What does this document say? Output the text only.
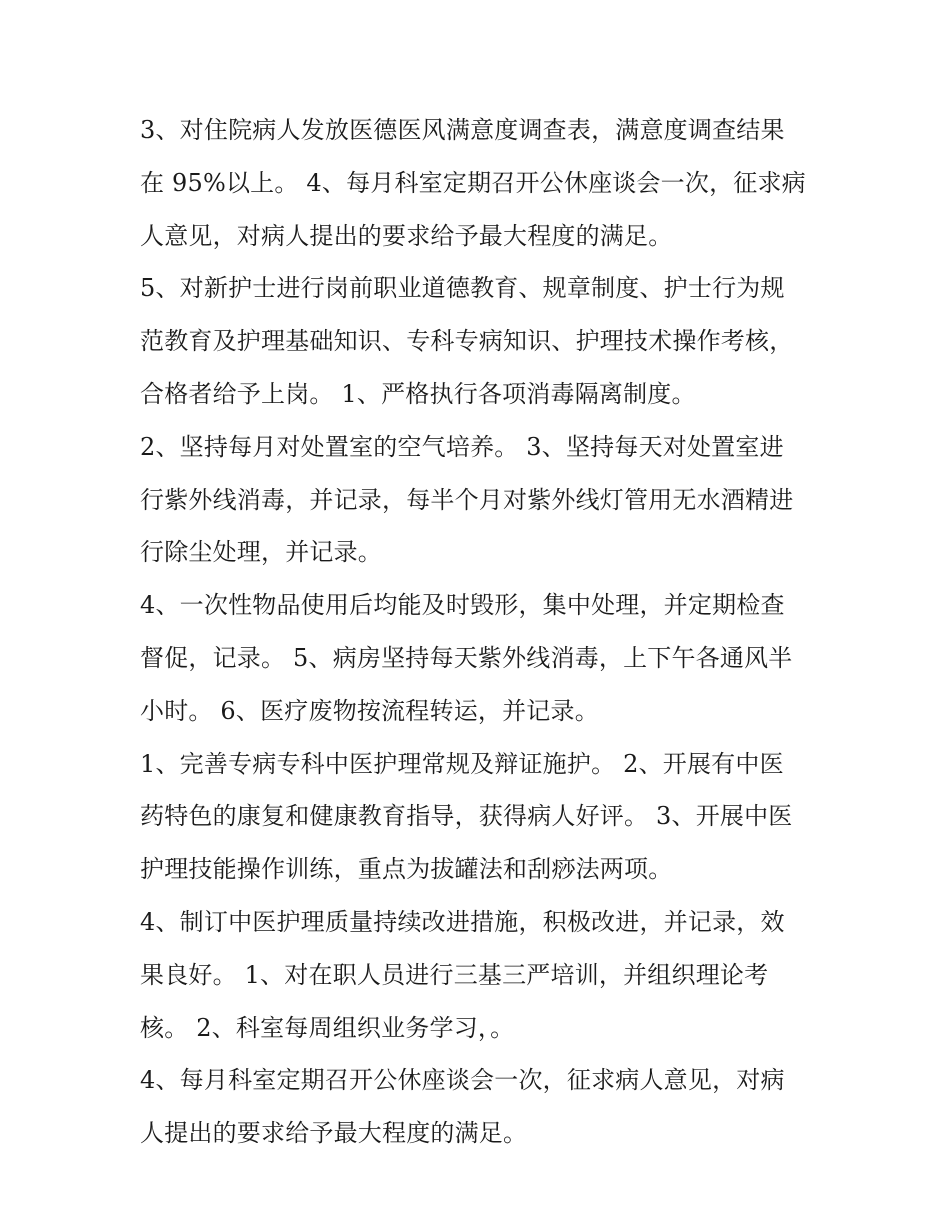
3、对住院病人发放医德医风满意度调查表，满意度调查结果
在 95%以上。 4、每月科室定期召开公休座谈会一次，征求病
人意见，对病人提出的要求给予最大程度的满足。
5、对新护士进行岗前职业道德教育、规章制度、护士行为规
范教育及护理基础知识、专科专病知识、护理技术操作考核，
合格者给予上岗。 1、严格执行各项消毒隔离制度。
2、坚持每月对处置室的空气培养。 3、坚持每天对处置室进
行紫外线消毒，并记录，每半个月对紫外线灯管用无水酒精进
行除尘处理，并记录。
4、一次性物品使用后均能及时毁形，集中处理，并定期检查
督促，记录。 5、病房坚持每天紫外线消毒，上下午各通风半
小时。 6、医疗废物按流程转运，并记录。
1、完善专病专科中医护理常规及辩证施护。 2、开展有中医
药特色的康复和健康教育指导，获得病人好评。 3、开展中医
护理技能操作训练，重点为拔罐法和刮痧法两项。
4、制订中医护理质量持续改进措施，积极改进，并记录，效
果良好。 1、对在职人员进行三基三严培训，并组织理论考
核。 2、科室每周组织业务学习，。
4、每月科室定期召开公休座谈会一次，征求病人意见，对病
人提出的要求给予最大程度的满足。
